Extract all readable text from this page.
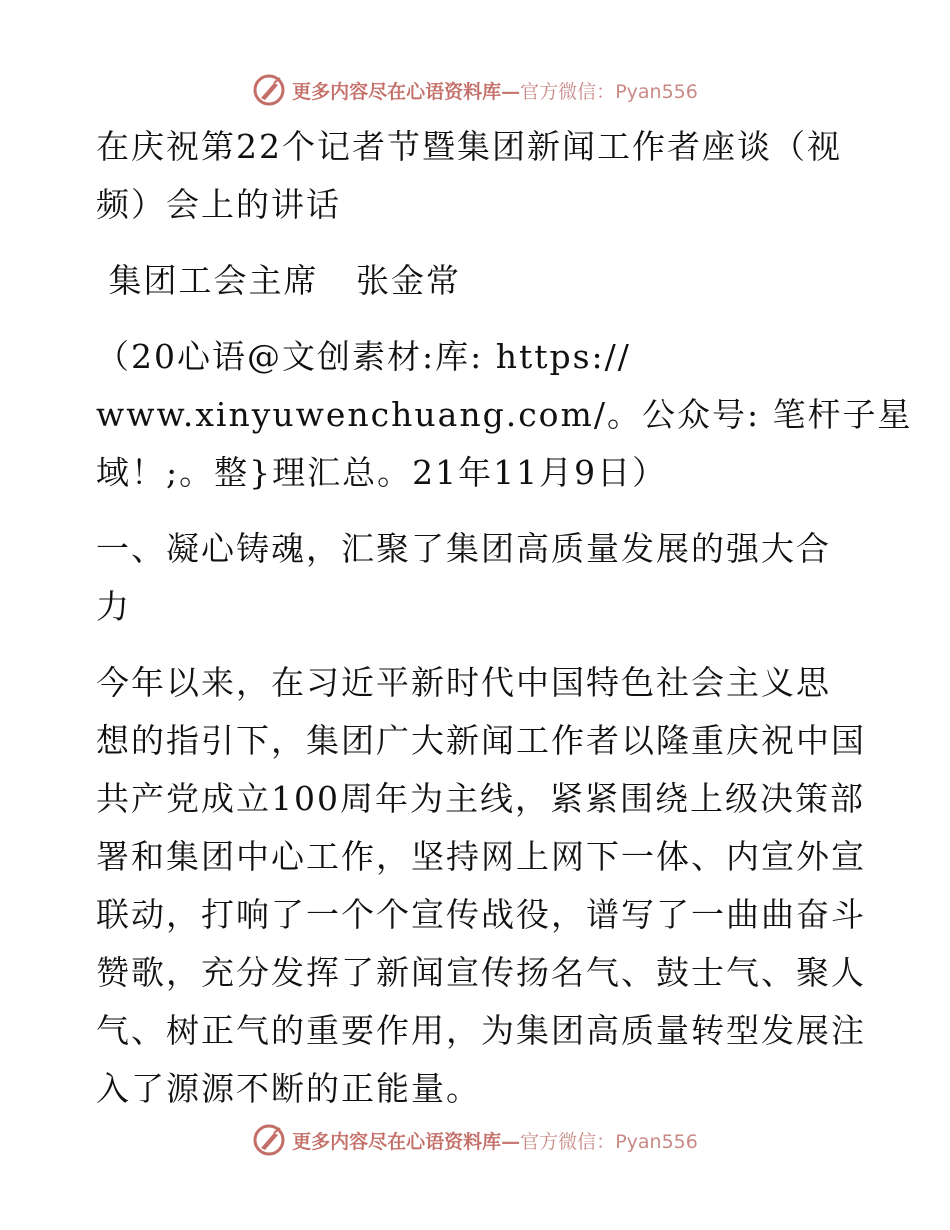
更多内容尽在心语资料库—官方微信：Pyan556

在庆祝第22个记者节暨集团新闻工作者座谈（视
频）会上的讲话

集团工会主席   张金常

（20心语@文创素材:库: https://
www.xinyuwenchuang.com/。公众号: 笔杆子星
域！;。整}理汇总。21年11月9日）

一、凝心铸魂，汇聚了集团高质量发展的强大合
力

今年以来，在习近平新时代中国特色社会主义思
想的指引下，集团广大新闻工作者以隆重庆祝中国
共产党成立100周年为主线，紧紧围绕上级决策部
署和集团中心工作，坚持网上网下一体、内宣外宣
联动，打响了一个个宣传战役，谱写了一曲曲奋斗
赞歌，充分发挥了新闻宣传扬名气、鼓士气、聚人
气、树正气的重要作用，为集团高质量转型发展注
入了源源不断的正能量。

更多内容尽在心语资料库—官方微信：Pyan556
